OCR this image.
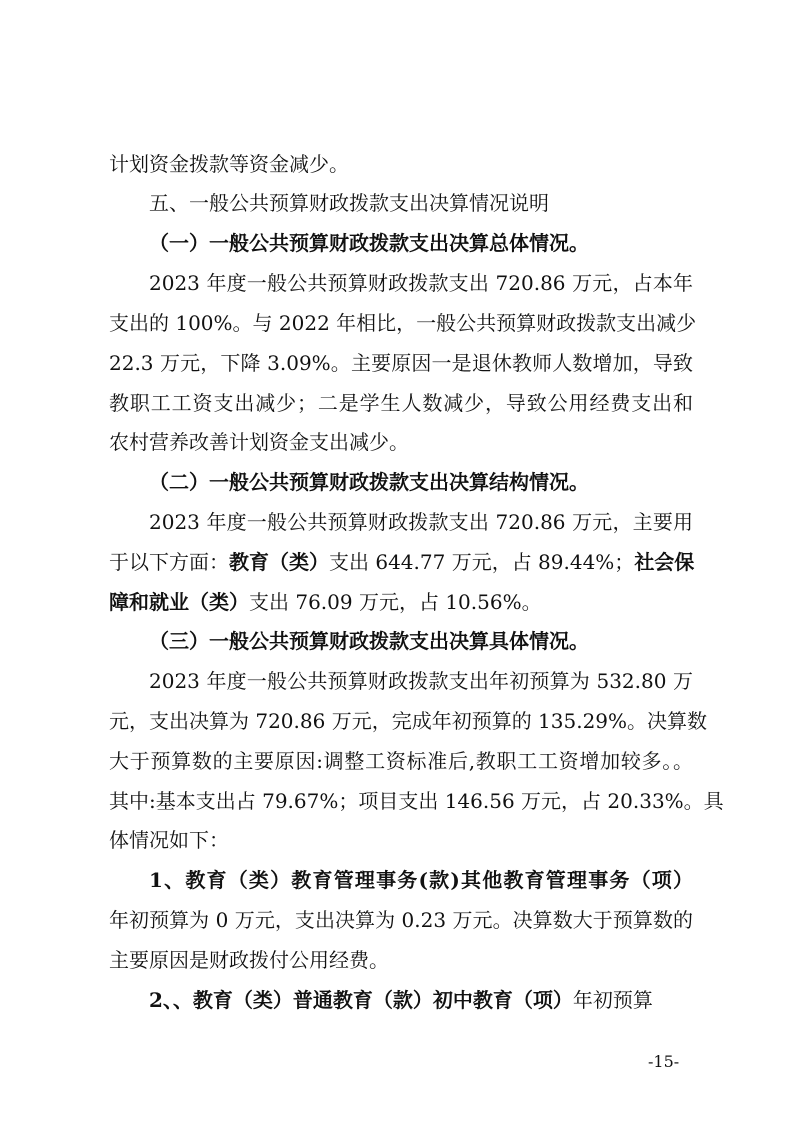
计划资金拨款等资金减少。
五、一般公共预算财政拨款支出决算情况说明
（一）一般公共预算财政拨款支出决算总体情况。
2023 年度一般公共预算财政拨款支出 720.86 万元，占本年
支出的 100%。与 2022 年相比，一般公共预算财政拨款支出减少
22.3 万元，下降 3.09%。主要原因一是退休教师人数增加，导致
教职工工资支出减少；二是学生人数减少，导致公用经费支出和
农村营养改善计划资金支出减少。
（二）一般公共预算财政拨款支出决算结构情况。
2023 年度一般公共预算财政拨款支出 720.86 万元，主要用
于以下方面：教育（类）支出 644.77 万元，占 89.44%；社会保
障和就业（类）支出 76.09 万元，占 10.56%。
（三）一般公共预算财政拨款支出决算具体情况。
2023 年度一般公共预算财政拨款支出年初预算为 532.80 万
元，支出决算为 720.86 万元，完成年初预算的 135.29%。决算数
大于预算数的主要原因:调整工资标准后,教职工工资增加较多。。
其中:基本支出占 79.67%；项目支出 146.56 万元，占 20.33%。具
体情况如下：
1、教育（类）教育管理事务(款)其他教育管理事务（项）
年初预算为 0 万元，支出决算为 0.23 万元。决算数大于预算数的
主要原因是财政拨付公用经费。
2、、教育（类）普通教育（款）初中教育（项）年初预算
-15-
